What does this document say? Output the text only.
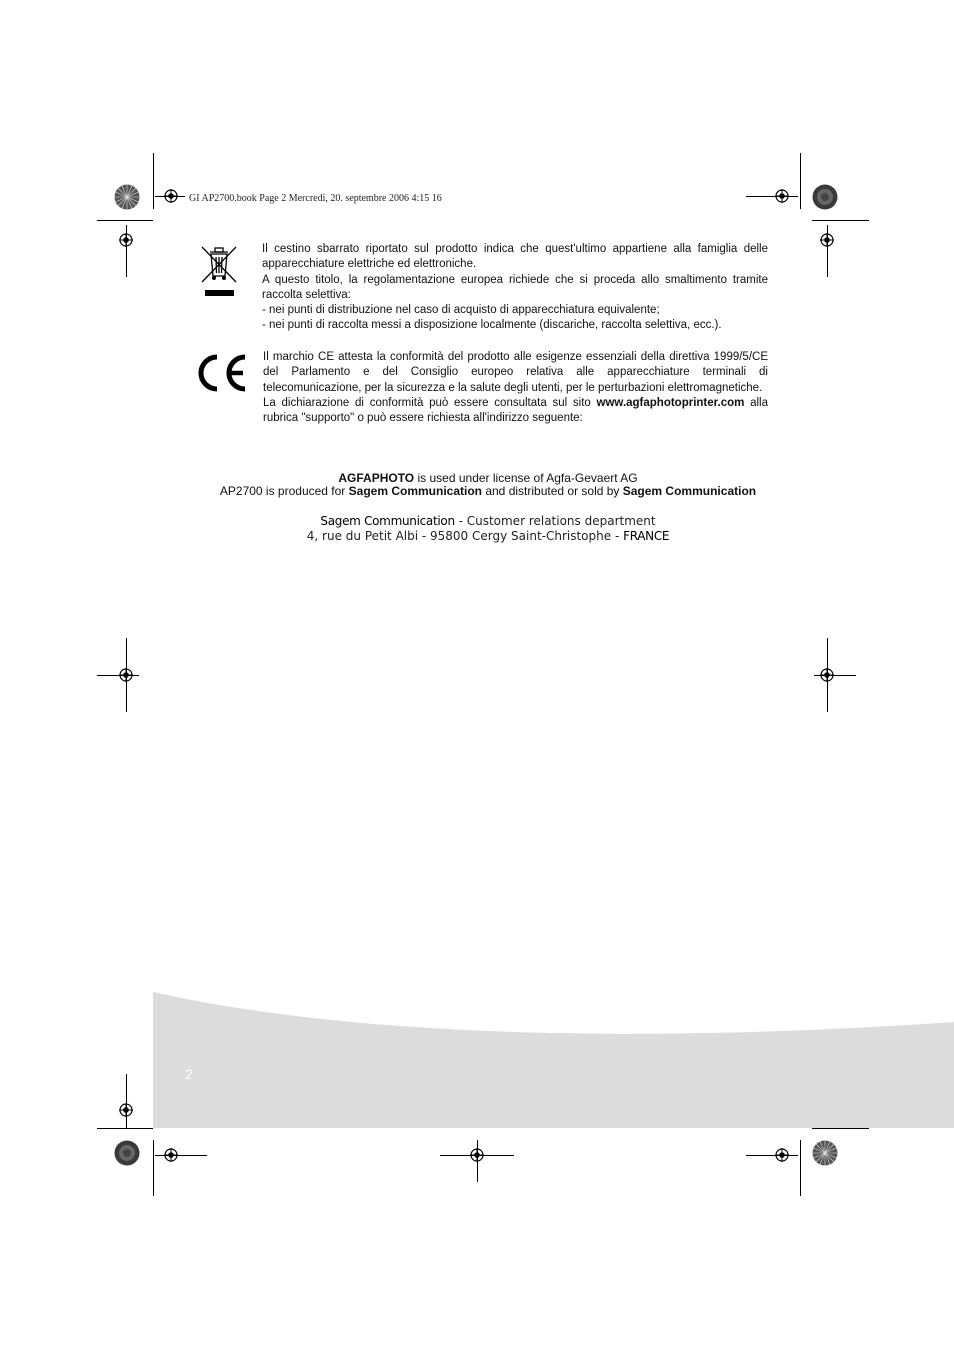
GI AP2700.book Page 2 Mercredi, 20. septembre 2006 4:15 16

Il cestino sbarrato riportato sul prodotto indica che quest'ultimo appartiene alla famiglia delle apparecchiature elettriche ed elettroniche.

A questo titolo, la regolamentazione europea richiede che si proceda allo smaltimento tramite raccolta selettiva:

- nei punti di distribuzione nel caso di acquisto di apparecchiatura equivalente;

- nei punti di raccolta messi a disposizione localmente (discariche, raccolta selettiva, ecc.).

Il marchio CE attesta la conformità del prodotto alle esigenze essenziali della direttiva 1999/5/CE del Parlamento e del Consiglio europeo relativa alle apparecchiature terminali di telecomunicazione, per la sicurezza e la salute degli utenti, per le perturbazioni elettromagnetiche.

La dichiarazione di conformità può essere consultata sul sito www.agfaphotoprinter.com alla rubrica "supporto" o può essere richiesta all'indirizzo seguente:

AGFAPHOTO is used under license of Agfa-Gevaert AG
AP2700 is produced for Sagem Communication and distributed or sold by Sagem Communication
Sagem Communication - Customer relations department
4, rue du Petit Albi - 95800 Cergy Saint-Christophe - FRANCE
2
